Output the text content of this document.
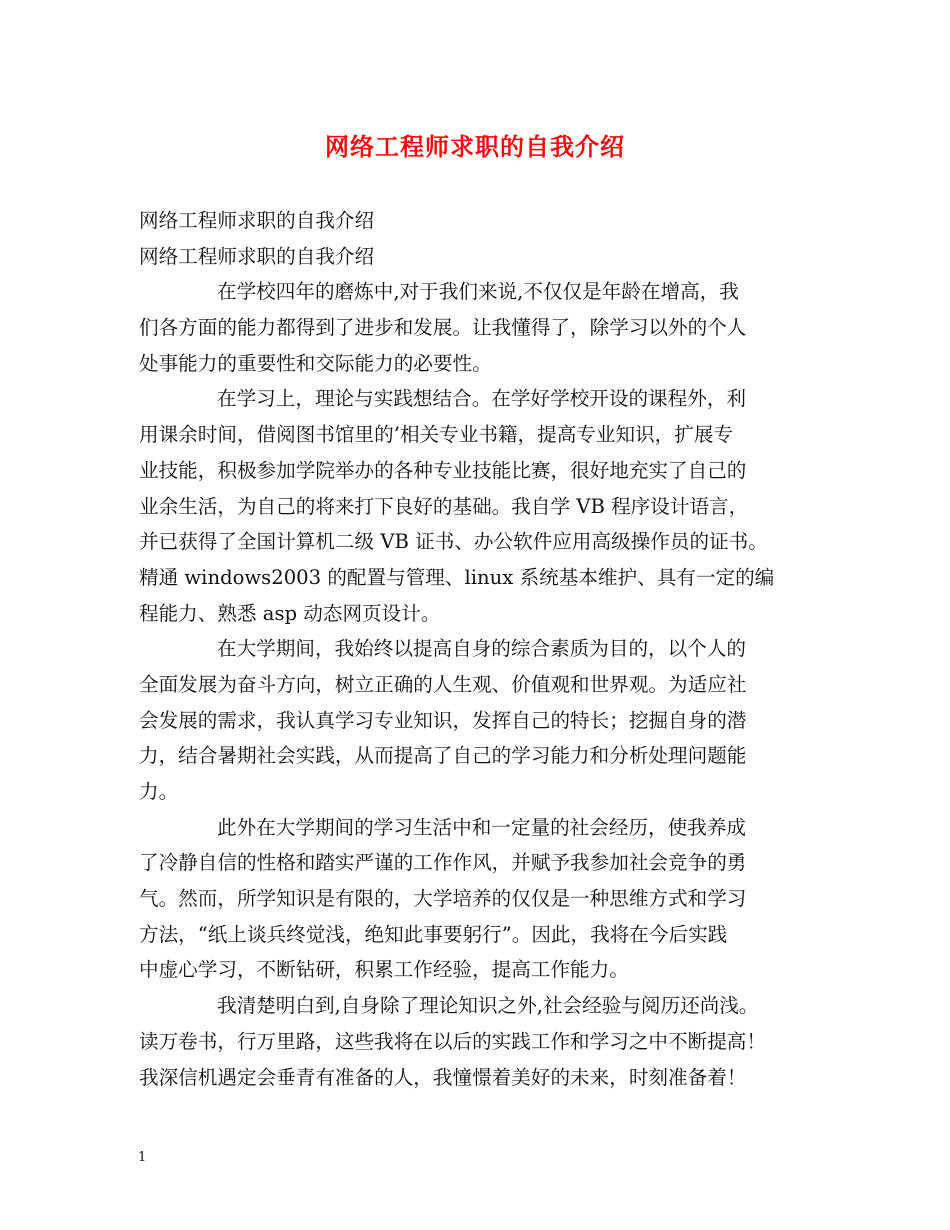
网络工程师求职的自我介绍
网络工程师求职的自我介绍
网络工程师求职的自我介绍
在学校四年的磨炼中,对于我们来说,不仅仅是年龄在增高，我
们各方面的能力都得到了进步和发展。让我懂得了，除学习以外的个人
处事能力的重要性和交际能力的必要性。
在学习上，理论与实践想结合。在学好学校开设的课程外，利
用课余时间，借阅图书馆里的’相关专业书籍，提高专业知识，扩展专
业技能，积极参加学院举办的各种专业技能比赛，很好地充实了自己的
业余生活，为自己的将来打下良好的基础。我自学 VB 程序设计语言，
并已获得了全国计算机二级 VB 证书、办公软件应用高级操作员的证书。
精通 windows2003 的配置与管理、linux 系统基本维护、具有一定的编
程能力、熟悉 asp 动态网页设计。
在大学期间，我始终以提高自身的综合素质为目的，以个人的
全面发展为奋斗方向，树立正确的人生观、价值观和世界观。为适应社
会发展的需求，我认真学习专业知识，发挥自己的特长；挖掘自身的潜
力，结合暑期社会实践，从而提高了自己的学习能力和分析处理问题能
力。
此外在大学期间的学习生活中和一定量的社会经历，使我养成
了冷静自信的性格和踏实严谨的工作作风，并赋予我参加社会竞争的勇
气。然而，所学知识是有限的，大学培养的仅仅是一种思维方式和学习
方法，“纸上谈兵终觉浅，绝知此事要躬行”。因此，我将在今后实践
中虚心学习，不断钻研，积累工作经验，提高工作能力。
我清楚明白到,自身除了理论知识之外,社会经验与阅历还尚浅。
读万卷书，行万里路，这些我将在以后的实践工作和学习之中不断提高！
我深信机遇定会垂青有准备的人，我憧憬着美好的未来，时刻准备着！
1
